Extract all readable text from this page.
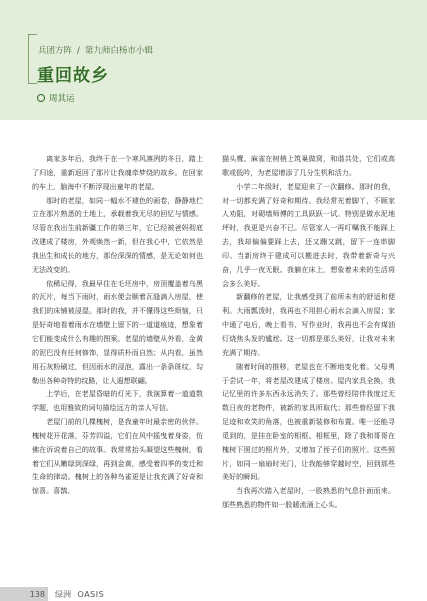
兵团方阵 / 第九师白杨市小辑
重回故乡
周其运

离家多年后，我终于在一个寒风凛冽的冬日，踏上了归途，重新返回了那片让我魂牵梦绕的故乡。在回家的车上，脑海中不断浮现出童年的老屋。

那时的老屋，如同一幅水不褪色的画卷，静静地伫立在那片熟悉的土地上，承载着我无尽的回忆与情感。尽管在我出生前新疆工作的第三年，它已经被爸妈彻底改建成了楼房，外观焕然一新，但在我心中，它依然是我出生和成长的地方，那份深深的情感，是无论如何也无法改变的。

依稀记得，我最早住在毛坯房中，房顶覆盖着乌黑的瓦片，每当下雨时，雨水便会顺着瓦缝滴入房屋，使我们的床铺被浸湿。那时的我，并不懂得这些烦恼，只是好奇地看着雨水在墙壁上留下的一道道痕迹，想象着它们能变成什么有趣的图案。老屋的墙壁从外看，金黄的泥巴没有任何修饰，显得质朴而自然；从内看，虽然用石灰粉刷过，但因雨水的浸泡，露出一条条斑纹，勾勒出各种奇特的纹路，让人遐想联翩。

上学后，在老屋昏暗的灯光下，我演算着一道道数学题，也用雅致的词句描绘远方的亲人写信。

老屋门前的几棵槐树，是我童年时最亲密的伙伴。槐树花开花落，芬芳四溢，它们在风中摇曳着身姿，仿佛在诉说着自己的故事。我常常抬头凝望这些槐树，看着它们从嫩绿到深绿，再到金黄，感受着四季的变迁和生命的律动。槐树上的各种鸟雀更是让我充满了好奇和惊喜。喜鹊、

猫头鹰、麻雀在树梢上筑巢做窝，和谐共处，它们或高歌或低吟，为老屋增添了几分生机和活力。

小学二年级时，老屋迎来了一次翻修。那时的我，对一切都充满了好奇和期待。我经常光着脚丫，不顾家人劝阻，对砌墙师傅的工具跃跃一试。特别是做水泥地坪时，我更是兴奋不已。尽管家人一再叮嘱我不能踩上去，我却偏偏要踩上去，还又蹦又跳，留下一连串脚印。当新房终于建成可以搬进去时，我带着新奇与兴奋，几乎一夜无眠。我躺在床上，想象着未来的生活将会多么美好。

新翻修的老屋，让我感受到了前所未有的舒适和便利。大雨瓢泼时，我再也不用担心雨水会滴入房屋；家中通了电后，晚上看书、写作业时，我再也不会有煤油灯烧焦头发的尴尬。这一切都是那么美好，让我对未来充满了期待。

随着时间的推移，老屋也在不断地变化着。父母勇于尝试一年，将老屋改建成了楼房。屋内家具全换，我记忆里的许多东西永远消失了。那些曾经陪伴我度过无数日夜的老物件，被新的家具所取代；那些曾经留下我足迹和欢笑的角落，也被重新装修和布置。唯一还能寻觅到的，是挂在卧室的相框。相框里，除了我和哥哥在槐树下照过的照片外，又增加了侄子们的照片。这些照片，如同一扇扇时光门，让我能够穿越时空，回到那些美好的瞬间。

当我再次踏入老屋时，一股熟悉的气息扑面而来。那些熟悉的物件如一股暖流涌上心头。

138	绿洲 OASIS
